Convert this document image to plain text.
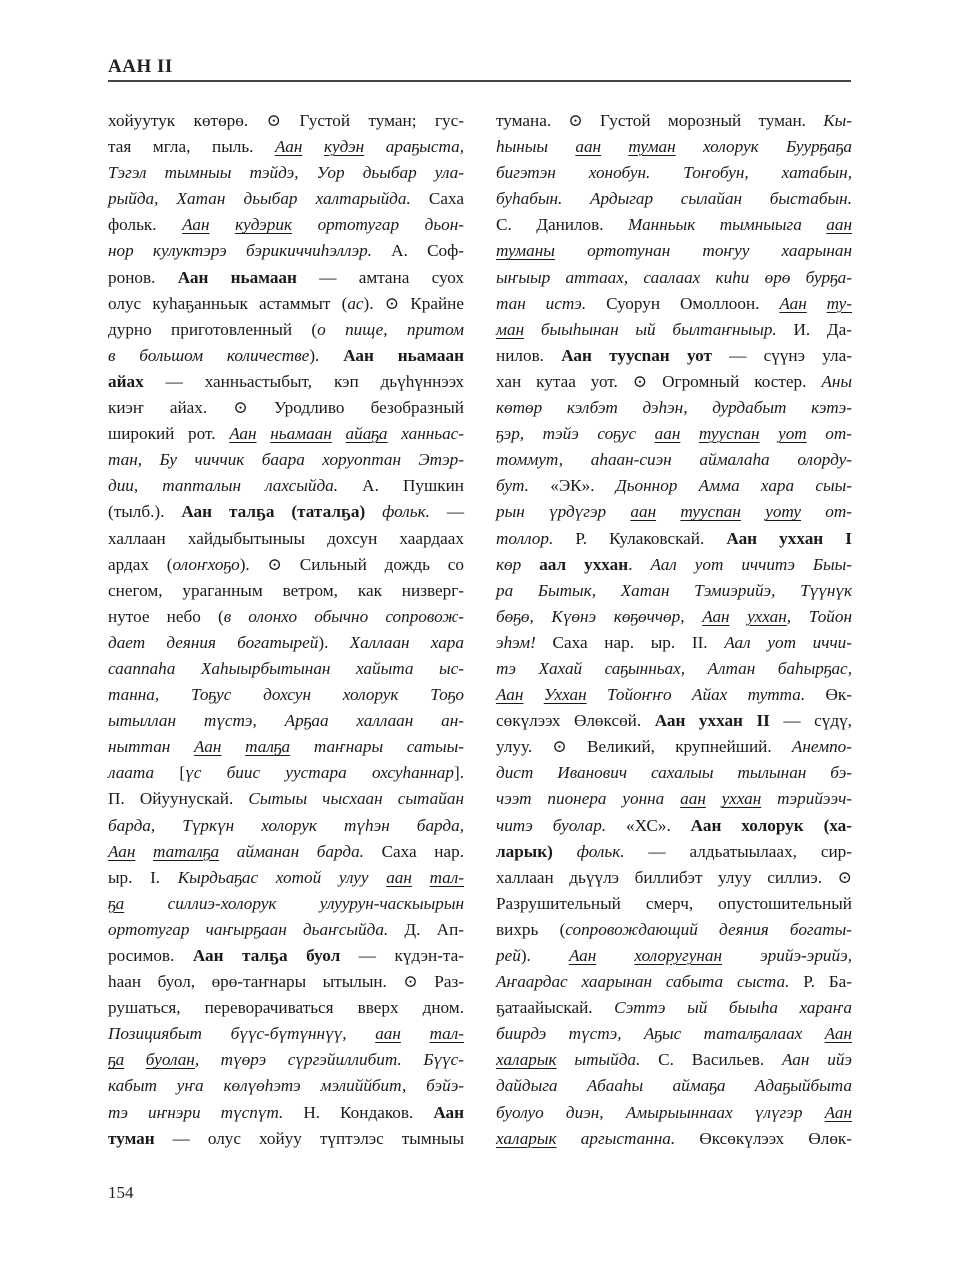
ААН II
хойуутук көтөрө. ⊙ Густой туман; гус-
тая мгла, пыль. Аан кудэн араҕыста,
Тэгэл тымныы тэйдэ, Уор дьыбар ула-
рыйда, Хатан дьыбар халтарыйда. Саха
фольк. Аан кудэрик ортотугар дьон-
нор кулуктэрэ бэрикиччиһэллэр. А. Соф-
ронов. Аан ньамаан — амтана суох
олус куһаҕанньык астаммыт (ас). ⊙ Крайне
дурно приготовленный (о пище, притом
в большом количестве). Аан ньамаан
айах — ханньастыбыт, кэп дьүһүннээх
киэҥ айах. ⊙ Уродливо безобразный
широкий рот. Аан ньамаан айаҕа ханньас-
тан, Бу чиччик баара хоруоптан Этэр-
дии, тапталын лахсыйда. А. Пушкин
(тылб.). Аан талҕа (таталҕа) фольк. —
халлаан хайдыбытыныы дохсун хаардаах
ардах (олоҥхоҕо). ⊙ Сильный дождь со
снегом, ураганным ветром, как низверг-
нутое небо (в олонхо обычно сопровож-
дает деяния богатырей). Халлаан хара
сааппаһа Хаһыырбытынан хайыта ыс-
танна, Тоҕус дохсун холорук Тоҕо
ытыллан түстэ, Арҕаа халлаан ан-
ныттан Аан талҕа таҥнары сатыы-
лаата [үс биис уустара охсуһаннар].
П. Ойуунускай. Сытыы чысхаан сытайан
барда, Түркүн холорук түһэн барда,
Аан таталҕа айманан барда. Саха нар.
ыр. I. Кырдьаҕас хотой улуу аан тал-
ҕа силлиэ-холорук улуурун-часкыырын
ортотугар чаҥырҕаан дьаҥсыйда. Д. Ап-
росимов. Аан талҕа буол — күдэн-та-
һаан буол, өрө-таҥнары ытылын. ⊙ Раз-
рушаться, переворачиваться вверх дном.
Позициябыт бүүс-бүтүннүү, аан тал-
ҕа буолан, түөрэ сүргэйиллибит. Бүүс-
кабыт уҥа көлүөһэтэ мэлиййбит, бэйэ-
тэ иҥнэри түспүт. Н. Кондаков. Аан
туман — олус хойуу түптэлэс тымныы
тумана. ⊙ Густой морозный туман. Кы-
һыныы аан туман холорук Буурҕаҕа
бигэтэн хонобун. Тоҥобун, хатабын,
буһабын. Ардыгар сылайан быстабын.
С. Данилов. Манньык тымныыга аан
туманы ортотунан тоҥуу хаарынан
ыҥыыр аттаах, саалаах киһи өрө бурҕа-
тан истэ. Суорун Омоллоон. Аан ту-
ман быыһынан ый былтаҥныыр. И. Да-
нилов. Аан туусnан уот — сүүнэ ула-
хан кутаа уот. ⊙ Огромный костер. Аны
көтөр кэлбэт дэһэн, дурдабыт кэтэ-
ҕэр, тэйэ соҕус аан туусnан уот от-
томмут, аһаан-сиэн аймалаһа олорду-
бут. «ЭК». Дьоннор Амма хара сыы-
рын үрдүгэр аан туусnан уоту от-
толлор. Р. Кулаковскай. Аан уххан I
көр аал уххан. Аал уот иччитэ Быы-
ра Бытык, Хатан Тэмиэрийэ, Түүнүк
бөҕө, Күөнэ көҕөччөр, Аан уххан, Тойон
эһэм! Саха нар. ыр. II. Аал уот иччи-
тэ Хахай саҕынньах, Алтан баһырҕас,
Аан Уххан Тойоҥҥо Айах тутта. Өк-
сөкүлээх Өлөксөй. Аан уххан II — сүдү,
улуу. ⊙ Великий, крупнейший. Анемпо-
дист Иванович сахалыы тылынан бэ-
чээт пионера уонна аан уххан тэрийээч-
читэ буолар. «ХС». Аан холорук (ха-
ларык) фольк. — алдьатыылаах, сир-
халлаан дьүүлэ биллибэт улуу силлиэ. ⊙
Разрушительный смерч, опустошительный
вихрь (сопровождающий деяния богаты-
рей). Аан холоругунан эрийэ-эрийэ,
Аҥаардас хаарынан сабыта сыста. Р. Ба-
ҕатаайыскай. Сэттэ ый быыһа хараҥа
биирдэ түстэ, Аҕыс таталҕалаах Аан
халарык ытыйда. С. Васильев. Аан ийэ
дайдыга Абааһы аймаҕа Адаҕыйбыта
буолуо диэн, Амырыыннаах үлүгэр Аан
халарык аргыстанна. Өксөкүлээх Өлөк-
154
